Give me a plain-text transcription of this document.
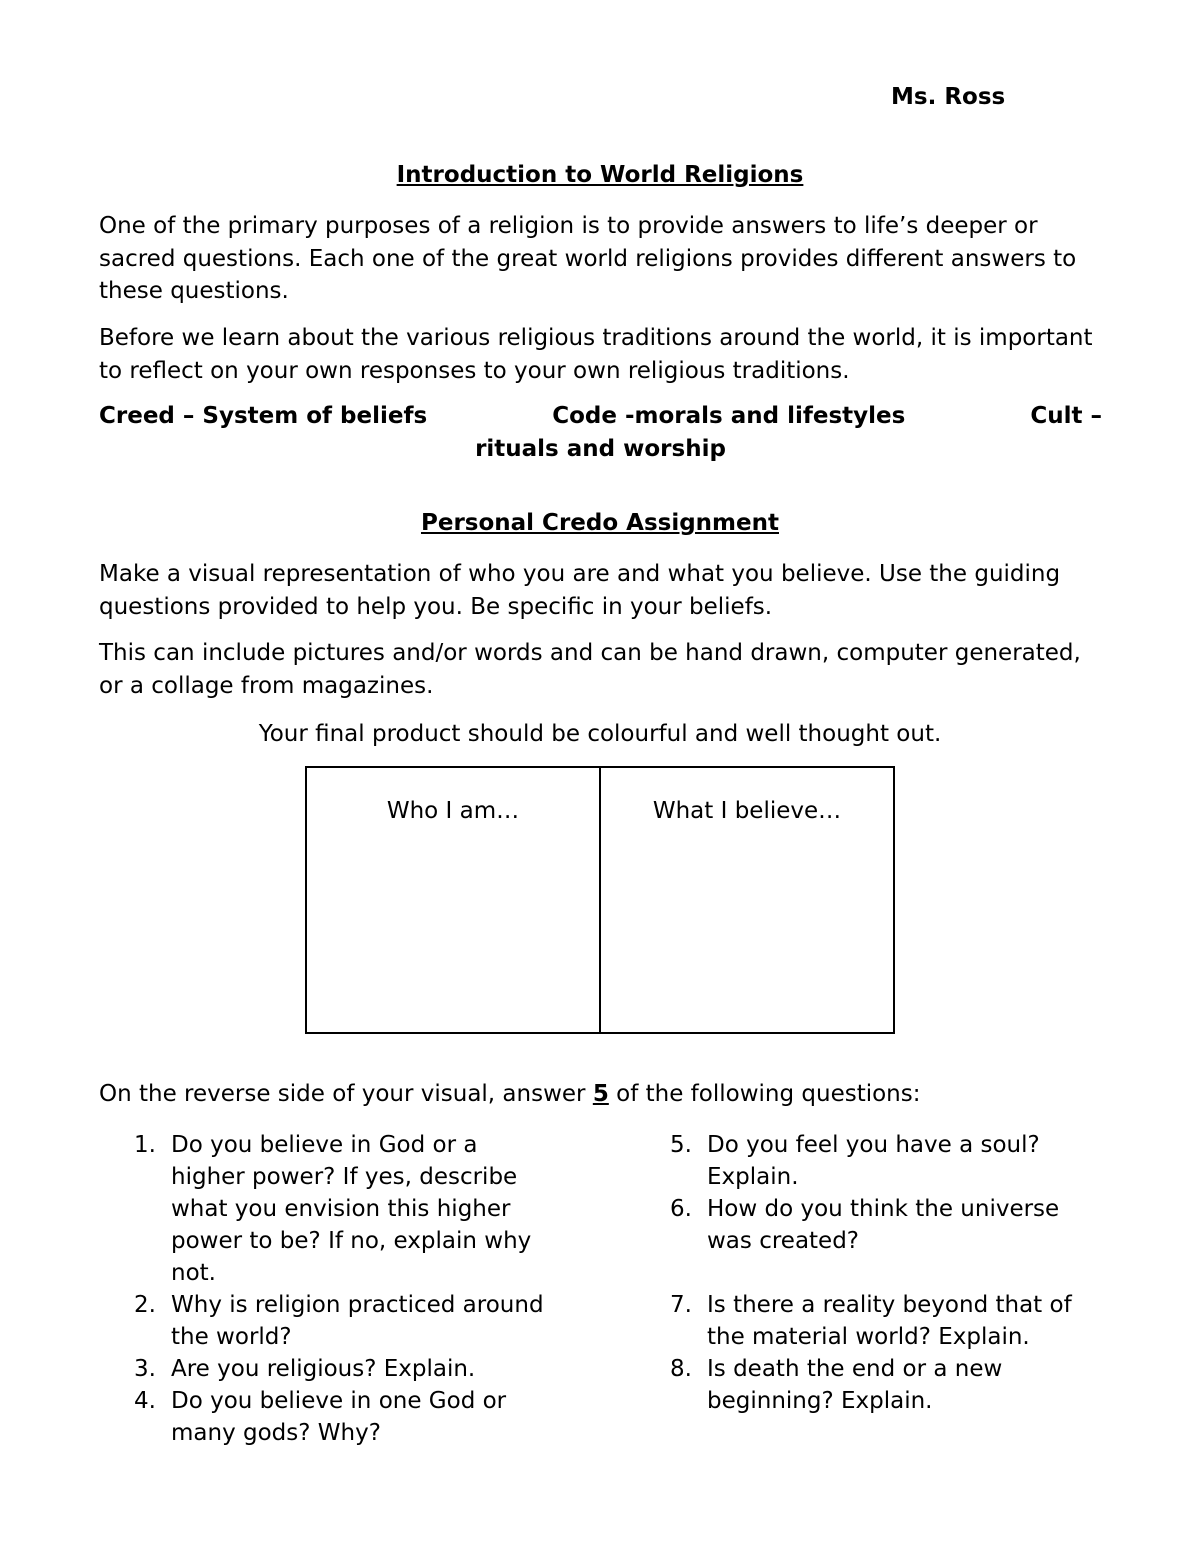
Ms. Ross
Introduction to World Religions

One of the primary purposes of a religion is to provide answers to life’s deeper or sacred questions. Each one of the great world religions provides different answers to these questions.

Before we learn about the various religious traditions around the world, it is important to reflect on your own responses to your own religious traditions.

Creed – System of beliefs	Code -morals and lifestyles	Cult –
rituals and worship
Personal Credo Assignment

Make a visual representation of who you are and what you believe. Use the guiding questions provided to help you. Be specific in your beliefs.

This can include pictures and/or words and can be hand drawn, computer generated, or a collage from magazines.

Your final product should be colourful and well thought out.

Who I am…	What I believe…
On the reverse side of your visual, answer 5 of the following questions:
1. Do you believe in God or a higher power? If yes, describe what you envision this higher power to be? If no, explain why not.
2. Why is religion practiced around the world?
3. Are you religious? Explain.
4. Do you believe in one God or many gods? Why?
5. Do you feel you have a soul? Explain.
6. How do you think the universe was created?
7. Is there a reality beyond that of the material world? Explain.
8. Is death the end or a new beginning? Explain.
